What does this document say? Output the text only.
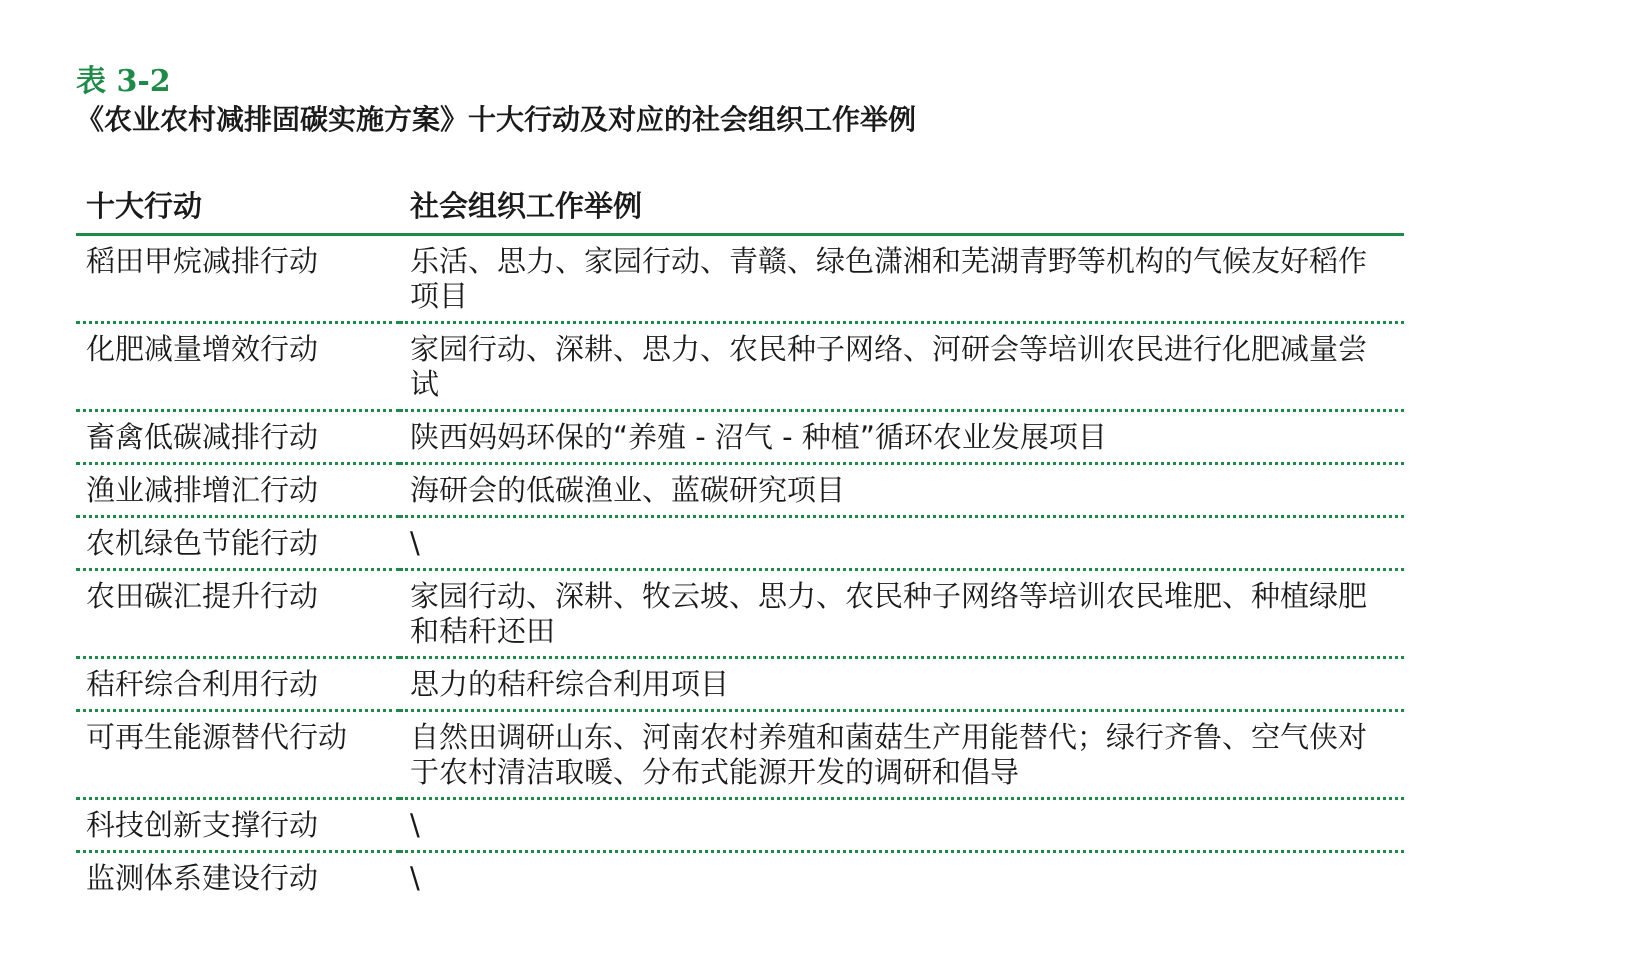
表 3-2
《农业农村减排固碳实施方案》十大行动及对应的社会组织工作举例
十大行动	社会组织工作举例
稻田甲烷减排行动	乐活、思力、家园行动、青赣、绿色潇湘和芜湖青野等机构的气候友好稻作项目
化肥减量增效行动	家园行动、深耕、思力、农民种子网络、河研会等培训农民进行化肥减量尝试
畜禽低碳减排行动	陕西妈妈环保的“养殖 - 沼气 - 种植”循环农业发展项目
渔业减排增汇行动	海研会的低碳渔业、蓝碳研究项目
农机绿色节能行动	\
农田碳汇提升行动	家园行动、深耕、牧云坡、思力、农民种子网络等培训农民堆肥、种植绿肥和秸秆还田
秸秆综合利用行动	思力的秸秆综合利用项目
可再生能源替代行动	自然田调研山东、河南农村养殖和菌菇生产用能替代；绿行齐鲁、空气侠对于农村清洁取暖、分布式能源开发的调研和倡导
科技创新支撑行动	\
监测体系建设行动	\
